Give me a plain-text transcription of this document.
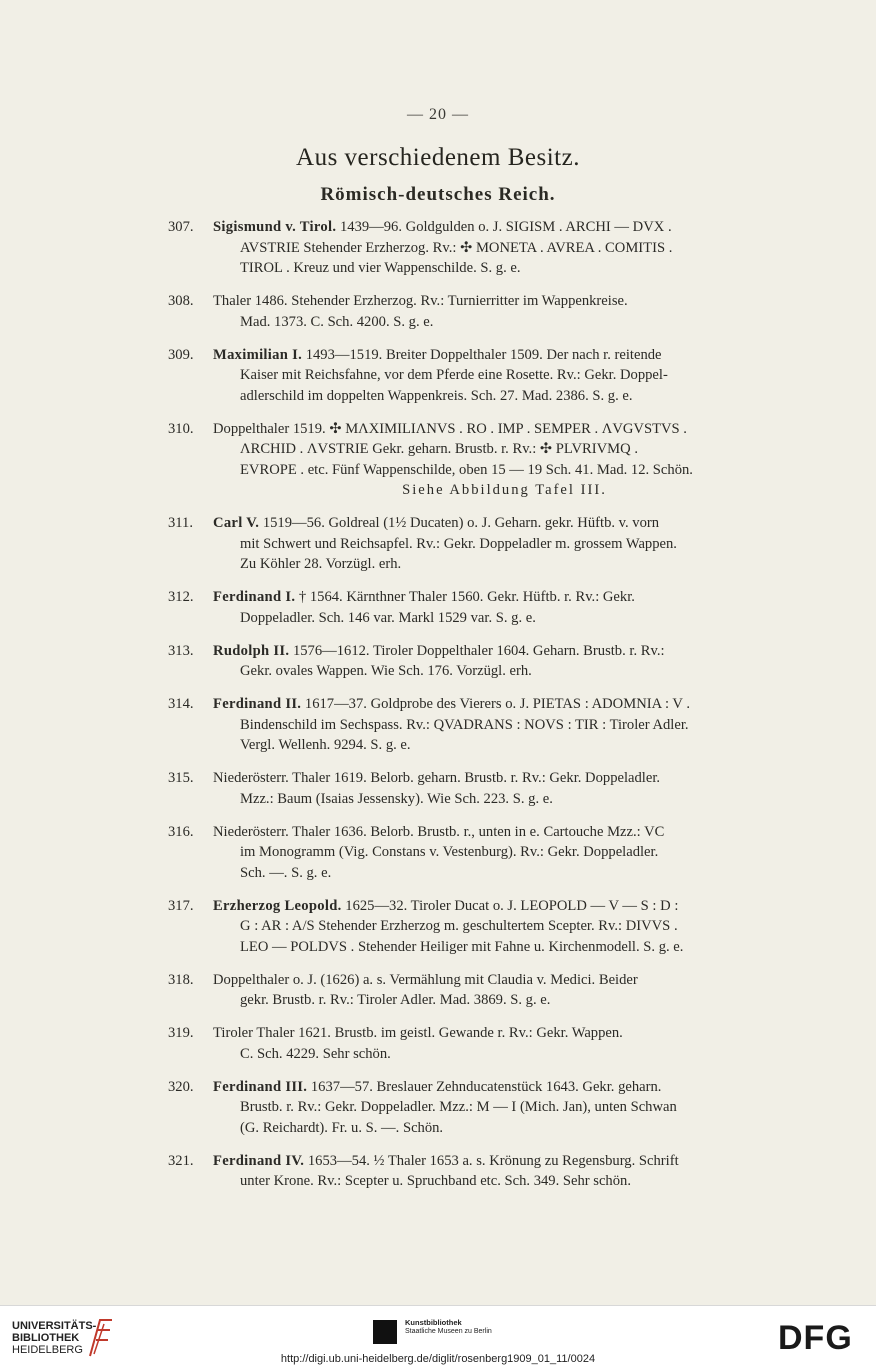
— 20 —
Aus verschiedenem Besitz.
Römisch-deutsches Reich.
307. Sigismund v. Tirol. 1439—96. Goldgulden o. J. SIGISM . ARCHI — DVX .
AVSTRIE Stehender Erzherzog. Rv.: ✣ MONETA . AVREA . COMITIS .
TIROL . Kreuz und vier Wappenschilde. S. g. e.
308. Thaler 1486. Stehender Erzherzog. Rv.: Turnierritter im Wappenkreise.
Mad. 1373. C. Sch. 4200. S. g. e.
309. Maximilian I. 1493—1519. Breiter Doppelthaler 1509. Der nach r. reitende
Kaiser mit Reichsfahne, vor dem Pferde eine Rosette. Rv.: Gekr. Doppel-
adlerschild im doppelten Wappenkreis. Sch. 27. Mad. 2386. S. g. e.
310. Doppelthaler 1519. ✣ MΛXIMILIΛNVS . RO . IMP . SEMPER . ΛVGVSTVS .
ΛRCHID . ΛVSTRIE Gekr. geharn. Brustb. r. Rv.: ✣ PLVRIVMQ .
EVROPE . etc. Fünf Wappenschilde, oben 15 — 19 Sch. 41. Mad. 12. Schön.
Siehe Abbildung Tafel III.
311. Carl V. 1519—56. Goldreal (1½ Ducaten) o. J. Geharn. gekr. Hüftb. v. vorn
mit Schwert und Reichsapfel. Rv.: Gekr. Doppeladler m. grossem Wappen.
Zu Köhler 28. Vorzügl. erh.
312. Ferdinand I. † 1564. Kärnthner Thaler 1560. Gekr. Hüftb. r. Rv.: Gekr.
Doppeladler. Sch. 146 var. Markl 1529 var. S. g. e.
313. Rudolph II. 1576—1612. Tiroler Doppelthaler 1604. Geharn. Brustb. r. Rv.:
Gekr. ovales Wappen. Wie Sch. 176. Vorzügl. erh.
314. Ferdinand II. 1617—37. Goldprobe des Vierers o. J. PIETAS : ADOMNIA : V .
Bindenschild im Sechspass. Rv.: QVADRANS : NOVS : TIR : Tiroler Adler.
Vergl. Wellenh. 9294. S. g. e.
315. Niederösterr. Thaler 1619. Belorb. geharn. Brustb. r. Rv.: Gekr. Doppeladler.
Mzz.: Baum (Isaias Jessensky). Wie Sch. 223. S. g. e.
316. Niederösterr. Thaler 1636. Belorb. Brustb. r., unten in e. Cartouche Mzz.: VC
im Monogramm (Vig. Constans v. Vestenburg). Rv.: Gekr. Doppeladler.
Sch. —. S. g. e.
317. Erzherzog Leopold. 1625—32. Tiroler Ducat o. J. LEOPOLD — V — S : D :
G : AR : A/S Stehender Erzherzog m. geschultertem Scepter. Rv.: DIVVS .
LEO — POLDVS . Stehender Heiliger mit Fahne u. Kirchenmodell. S. g. e.
318. Doppelthaler o. J. (1626) a. s. Vermählung mit Claudia v. Medici. Beider
gekr. Brustb. r. Rv.: Tiroler Adler. Mad. 3869. S. g. e.
319. Tiroler Thaler 1621. Brustb. im geistl. Gewande r. Rv.: Gekr. Wappen.
C. Sch. 4229. Sehr schön.
320. Ferdinand III. 1637—57. Breslauer Zehnducatenstück 1643. Gekr. geharn.
Brustb. r. Rv.: Gekr. Doppeladler. Mzz.: M — I (Mich. Jan), unten Schwan
(G. Reichardt). Fr. u. S. —. Schön.
321. Ferdinand IV. 1653—54. ½ Thaler 1653 a. s. Krönung zu Regensburg. Schrift
unter Krone. Rv.: Scepter u. Spruchband etc. Sch. 349. Sehr schön.
UNIVERSITÄTS-
BIBLIOTHEK
HEIDELBERG
Kunstbibliothek
Staatliche Museen zu Berlin	DFG
http://digi.ub.uni-heidelberg.de/diglit/rosenberg1909_01_11/0024
